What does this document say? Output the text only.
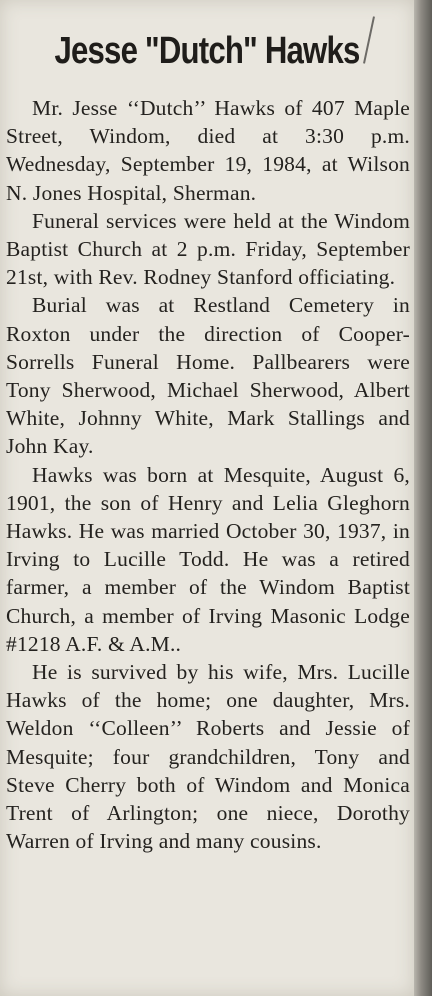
Jesse "Dutch" Hawks

Mr. Jesse ‘‘Dutch’’ Hawks of 407 Maple Street, Windom, died at 3:30 p.m. Wednesday, September 19, 1984, at Wilson N. Jones Hospital, Sherman.

Funeral services were held at the Windom Baptist Church at 2 p.m. Friday, September 21st, with Rev. Rodney Stanford officiating.

Burial was at Restland Cemetery in Roxton under the direction of Cooper-Sorrells Funeral Home. Pallbearers were Tony Sherwood, Michael Sherwood, Albert White, Johnny White, Mark Stallings and John Kay.

Hawks was born at Mesquite, August 6, 1901, the son of Henry and Lelia Gleghorn Hawks. He was married October 30, 1937, in Irving to Lucille Todd. He was a retired farmer, a member of the Windom Baptist Church, a member of Irving Masonic Lodge #1218 A.F. & A.M..

He is survived by his wife, Mrs. Lucille Hawks of the home; one daughter, Mrs. Weldon ‘‘Colleen’’ Roberts and Jessie of Mesquite; four grandchildren, Tony and Steve Cherry both of Windom and Monica Trent of Arlington; one niece, Dorothy Warren of Irving and many cousins.
